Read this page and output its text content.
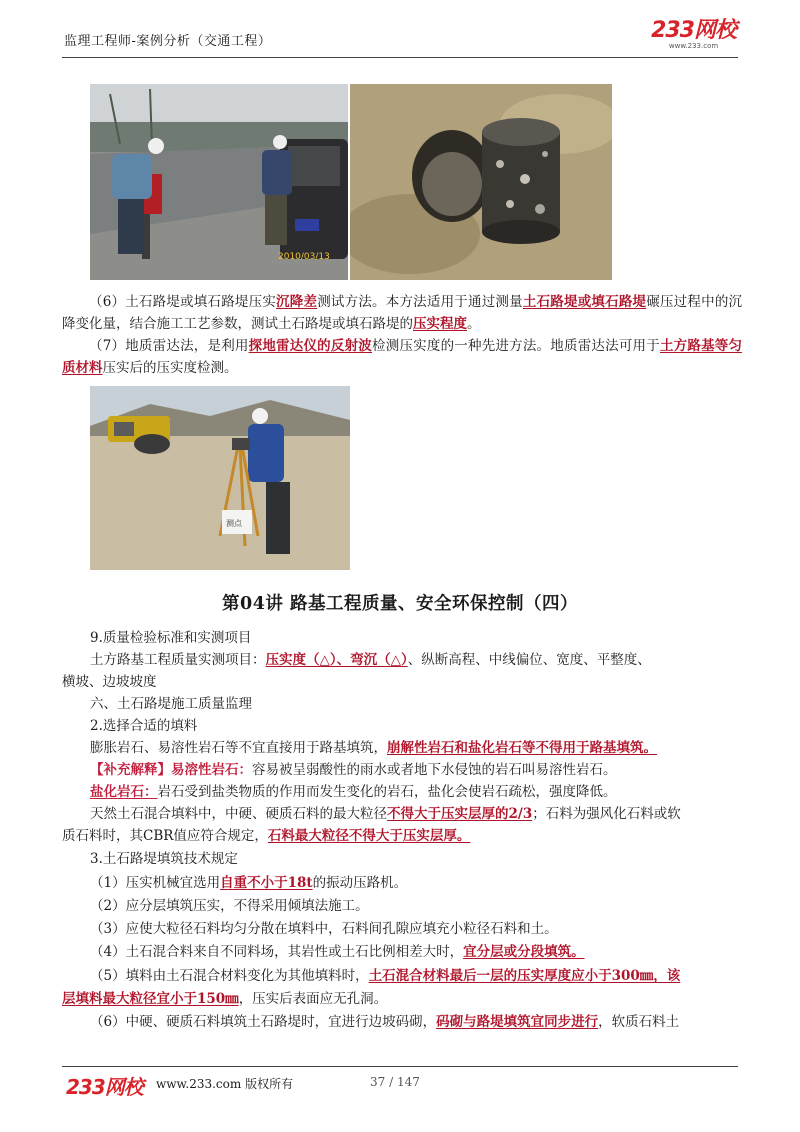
监理工程师-案例分析（交通工程）	233网校
www.233.com
2010/03/13
（6）土石路堤或填石路堤压实沉降差测试方法。本方法适用于通过测量土石路堤或填石路堤碾压过程中的沉降变化量，结合施工工艺参数，测试土石路堤或填石路堤的压实程度。
（7）地质雷达法，是利用探地雷达仪的反射波检测压实度的一种先进方法。地质雷达法可用于土方路基等匀质材料压实后的压实度检测。
测点
第04讲 路基工程质量、安全环保控制（四）
9.质量检验标准和实测项目
土方路基工程质量实测项目：压实度（△）、弯沉（△）、纵断高程、中线偏位、宽度、平整度、
横坡、边坡坡度
六、土石路堤施工质量监理
2.选择合适的填料
膨胀岩石、易溶性岩石等不宜直接用于路基填筑，崩解性岩石和盐化岩石等不得用于路基填筑。
【补充解释】易溶性岩石：容易被呈弱酸性的雨水或者地下水侵蚀的岩石叫易溶性岩石。
盐化岩石：岩石受到盐类物质的作用而发生变化的岩石，盐化会使岩石疏松，强度降低。
天然土石混合填料中，中硬、硬质石料的最大粒径不得大于压实层厚的2/3；石料为强风化石料或软
质石料时，其CBR值应符合规定，石料最大粒径不得大于压实层厚。
3.土石路堤填筑技术规定
（1）压实机械宜选用自重不小于18t的振动压路机。
（2）应分层填筑压实，不得采用倾填法施工。
（3）应使大粒径石料均匀分散在填料中，石料间孔隙应填充小粒径石料和土。
（4）土石混合料来自不同料场，其岩性或土石比例相差大时，宜分层或分段填筑。
（5）填料由土石混合材料变化为其他填料时，土石混合材料最后一层的压实厚度应小于300㎜，该
层填料最大粒径宜小于150㎜，压实后表面应无孔洞。
（6）中硬、硬质石料填筑土石路堤时，宜进行边坡码砌，码砌与路堤填筑宜同步进行，软质石料土
233网校 www.233.com 版权所有	37 / 147
